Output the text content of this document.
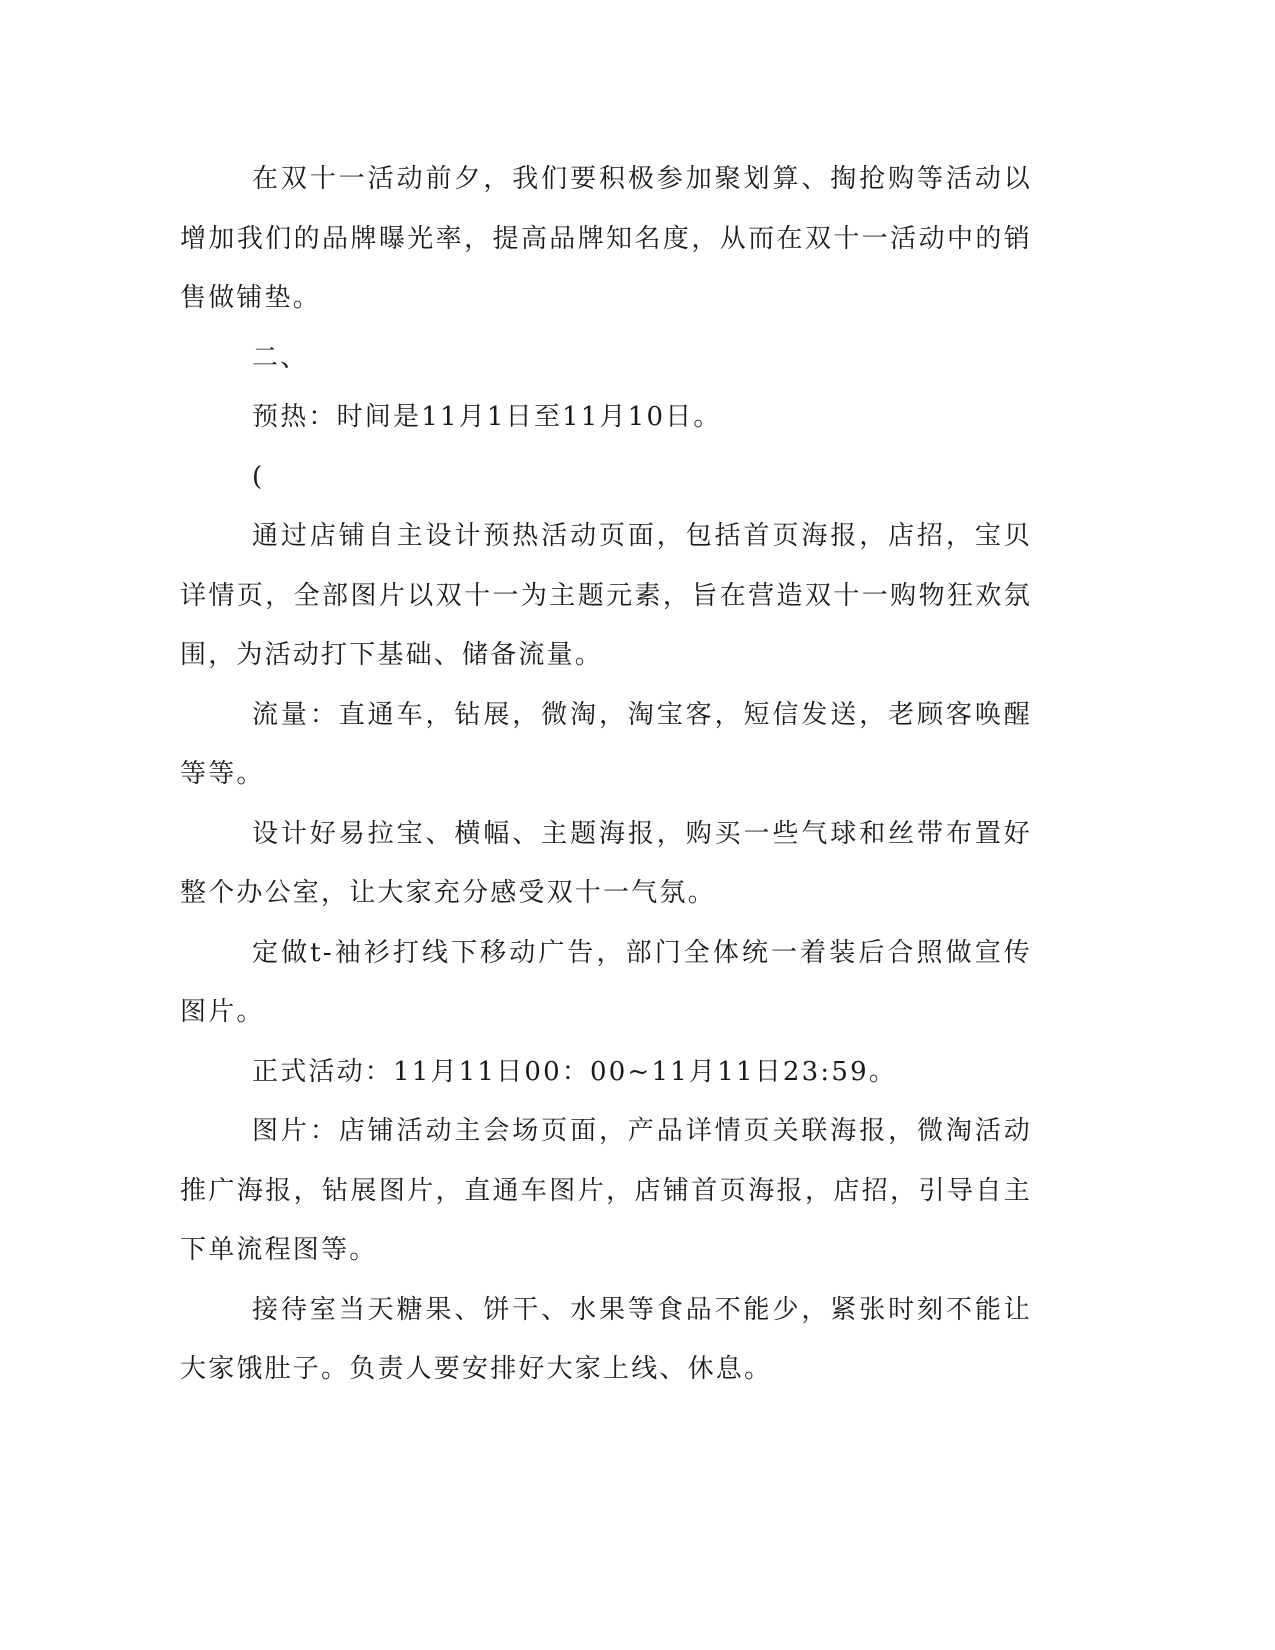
在双十一活动前夕，我们要积极参加聚划算、掏抢购等活动以增加我们的品牌曝光率，提高品牌知名度，从而在双十一活动中的销售做铺垫。

二、

预热：时间是11月1日至11月10日。

(

通过店铺自主设计预热活动页面，包括首页海报，店招，宝贝详情页，全部图片以双十一为主题元素，旨在营造双十一购物狂欢氛围，为活动打下基础、储备流量。

流量：直通车，钻展，微淘，淘宝客，短信发送，老顾客唤醒等等。

设计好易拉宝、横幅、主题海报，购买一些气球和丝带布置好整个办公室，让大家充分感受双十一气氛。

定做t-袖衫打线下移动广告，部门全体统一着装后合照做宣传图片。

正式活动：11月11日00：00~11月11日23:59。

图片：店铺活动主会场页面，产品详情页关联海报，微淘活动推广海报，钻展图片，直通车图片，店铺首页海报，店招，引导自主下单流程图等。

接待室当天糖果、饼干、水果等食品不能少，紧张时刻不能让大家饿肚子。负责人要安排好大家上线、休息。
